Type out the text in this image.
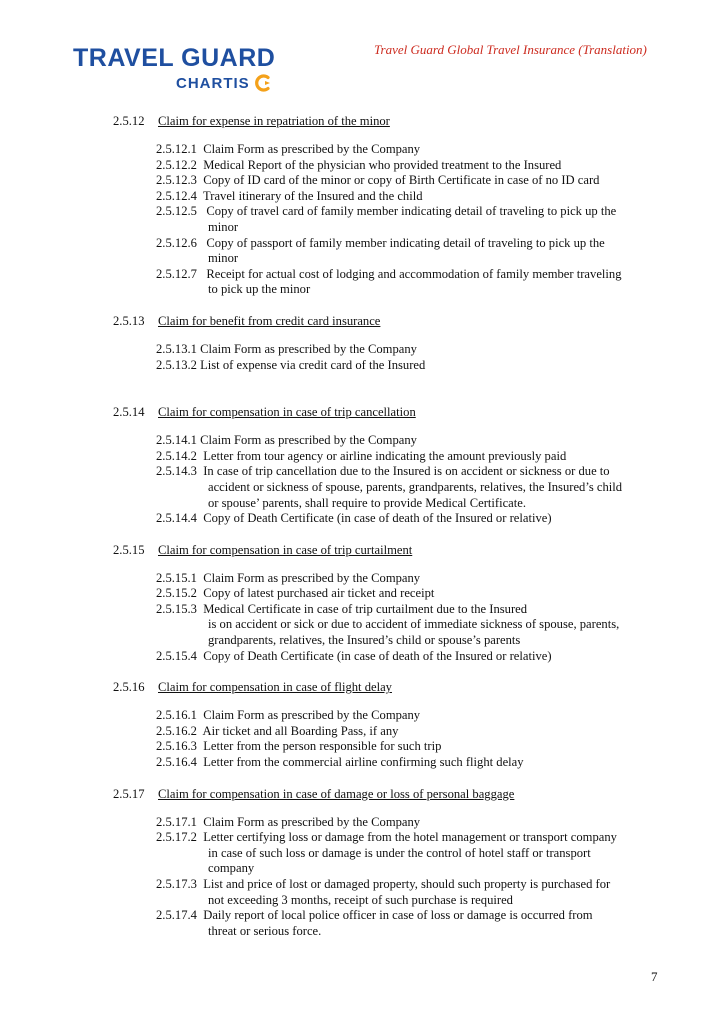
TRAVEL GUARD
CHARTIS
Travel Guard Global Travel Insurance (Translation)
2.5.12	Claim for expense in repatriation of the minor
2.5.12.1 Claim Form as prescribed by the Company
2.5.12.2 Medical Report of the physician who provided treatment to the Insured
2.5.12.3 Copy of ID card of the minor or copy of Birth Certificate in case of no ID card
2.5.12.4 Travel itinerary of the Insured and the child
2.5.12.5 Copy of travel card of family member indicating detail of traveling to pick up the
minor
2.5.12.6 Copy of passport of family member indicating detail of traveling to pick up the
minor
2.5.12.7 Receipt for actual cost of lodging and accommodation of family member traveling
to pick up the minor
2.5.13	Claim for benefit from credit card insurance
2.5.13.1 Claim Form as prescribed by the Company
2.5.13.2 List of expense via credit card of the Insured
2.5.14	Claim for compensation in case of trip cancellation
2.5.14.1 Claim Form as prescribed by the Company
2.5.14.2 Letter from tour agency or airline indicating the amount previously paid
2.5.14.3 In case of trip cancellation due to the Insured is on accident or sickness or due to
accident or sickness of spouse, parents, grandparents, relatives, the Insured’s child
or spouse’ parents, shall require to provide Medical Certificate.
2.5.14.4 Copy of Death Certificate (in case of death of the Insured or relative)
2.5.15	Claim for compensation in case of trip curtailment
2.5.15.1 Claim Form as prescribed by the Company
2.5.15.2 Copy of latest purchased air ticket and receipt
2.5.15.3 Medical Certificate in case of trip curtailment due to the Insured
is on accident or sick or due to accident of immediate sickness of spouse, parents,
grandparents, relatives, the Insured’s child or spouse’s parents
2.5.15.4 Copy of Death Certificate (in case of death of the Insured or relative)
2.5.16	Claim for compensation in case of flight delay
2.5.16.1 Claim Form as prescribed by the Company
2.5.16.2 Air ticket and all Boarding Pass, if any
2.5.16.3 Letter from the person responsible for such trip
2.5.16.4 Letter from the commercial airline confirming such flight delay
2.5.17	Claim for compensation in case of damage or loss of personal baggage
2.5.17.1 Claim Form as prescribed by the Company
2.5.17.2 Letter certifying loss or damage from the hotel management or transport company
in case of such loss or damage is under the control of hotel staff or transport
company
2.5.17.3 List and price of lost or damaged property, should such property is purchased for
not exceeding 3 months, receipt of such purchase is required
2.5.17.4 Daily report of local police officer in case of loss or damage is occurred from
threat or serious force.
7
